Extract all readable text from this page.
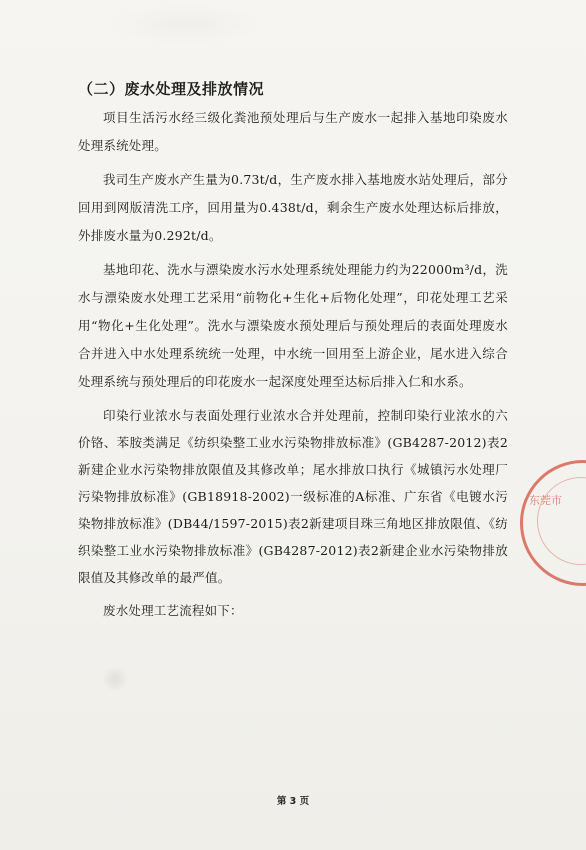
（二）废水处理及排放情况

项目生活污水经三级化粪池预处理后与生产废水一起排入基地印染废水处理系统处理。

我司生产废水产生量为0.73t/d，生产废水排入基地废水站处理后，部分回用到网版清洗工序，回用量为0.438t/d，剩余生产废水处理达标后排放，外排废水量为0.292t/d。

基地印花、洗水与漂染废水污水处理系统处理能力约为22000m³/d，洗水与漂染废水处理工艺采用“前物化+生化+后物化处理”，印花处理工艺采用“物化+生化处理”。洗水与漂染废水预处理后与预处理后的表面处理废水合并进入中水处理系统统一处理，中水统一回用至上游企业，尾水进入综合处理系统与预处理后的印花废水一起深度处理至达标后排入仁和水系。

印染行业浓水与表面处理行业浓水合并处理前，控制印染行业浓水的六价铬、苯胺类满足《纺织染整工业水污染物排放标准》(GB4287-2012)表2新建企业水污染物排放限值及其修改单；尾水排放口执行《城镇污水处理厂污染物排放标准》(GB18918-2002)一级标准的A标准、广东省《电镀水污染物排放标准》(DB44/1597-2015)表2新建项目珠三角地区排放限值、《纺织染整工业水污染物排放标准》(GB4287-2012)表2新建企业水污染物排放限值及其修改单的最严值。

废水处理工艺流程如下：

东莞市
第 3 页
